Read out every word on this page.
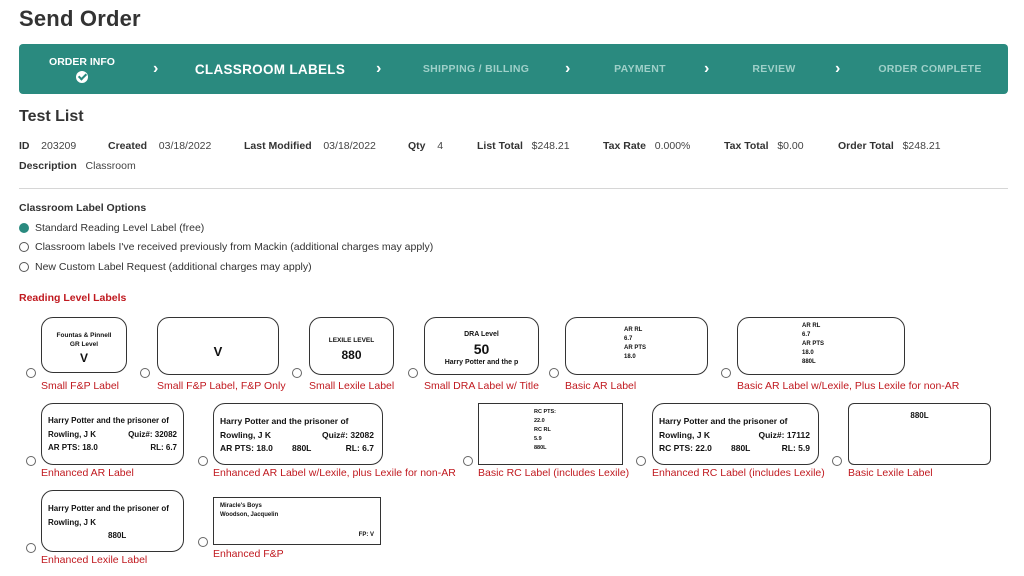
Send Order
ORDER INFO ›	CLASSROOM LABELS ›	SHIPPING / BILLING ›	PAYMENT ›	REVIEW ›	ORDER COMPLETE
Test List
ID 203209	Created 03/18/2022	Last Modified 03/18/2022	Qty 4	List Total $248.21	Tax Rate 0.000%	Tax Total $0.00	Order Total $248.21
Description Classroom
Classroom Label Options
Standard Reading Level Label (free)
Classroom labels I've received previously from Mackin (additional charges may apply)
New Custom Label Request (additional charges may apply)
Reading Level Labels
Fountas & Pinnell
GR Level
V
Small F&P Label
V
Small F&P Label, F&P Only
LEXILE LEVEL
880
Small Lexile Label
DRA Level
50
Harry Potter and the p
Small DRA Label w/ Title
AR RL
6.7
AR PTS
18.0
Basic AR Label
AR RL
6.7
AR PTS
18.0
880L
Basic AR Label w/Lexile, Plus Lexile for non-AR
Harry Potter and the prisoner of
Rowling, J K	Quiz#: 32082
AR PTS: 18.0	RL: 6.7
Enhanced AR Label
Harry Potter and the prisoner of
Rowling, J K	Quiz#: 32082
AR PTS: 18.0 880L	RL: 6.7
Enhanced AR Label w/Lexile, plus Lexile for non-AR
RC PTS:
22.0
RC RL
5.9
880L
Basic RC Label (includes Lexile)
Harry Potter and the prisoner of
Rowling, J K	Quiz#: 17112
RC PTS: 22.0 880L	RL: 5.9
Enhanced RC Label (includes Lexile)
880L
Basic Lexile Label
Harry Potter and the prisoner of
Rowling, J K
880L
Enhanced Lexile Label
Miracle's Boys
Woodson, Jacquelin
FP: V
Enhanced F&P
